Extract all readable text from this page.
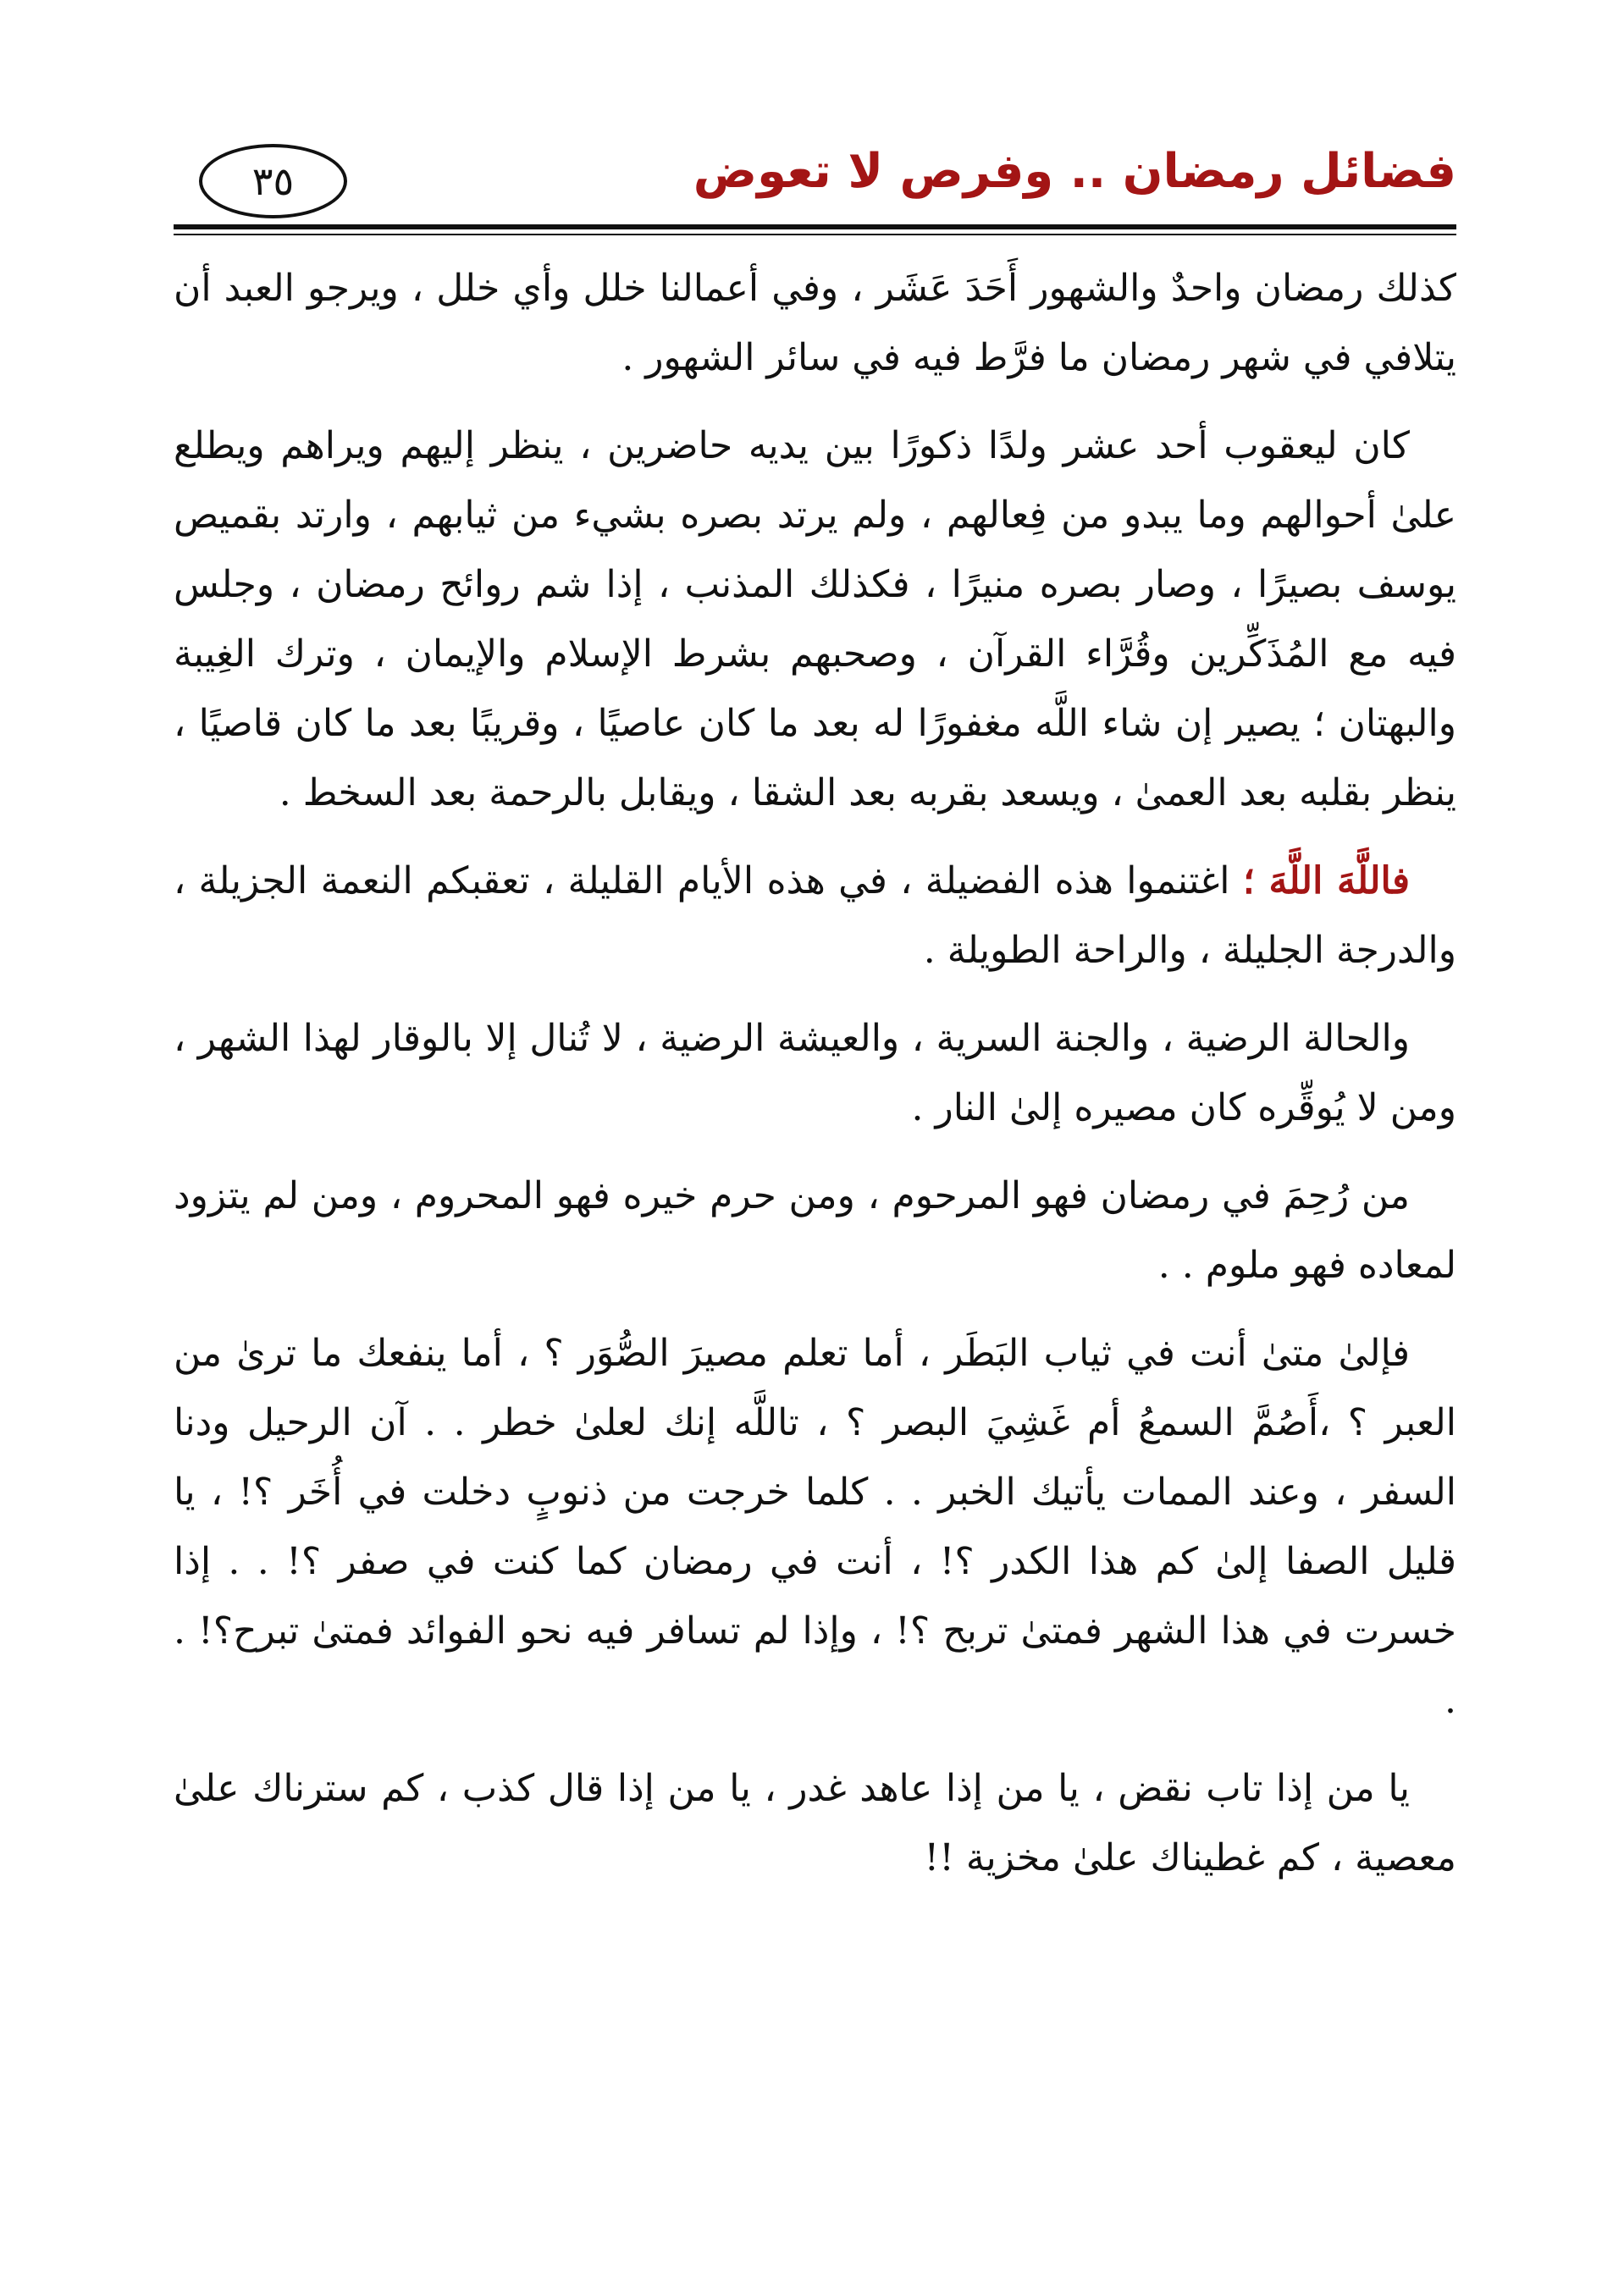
٣٥	فضائل رمضان .. وفرص لا تعوض

كذلك رمضان واحدٌ والشهور أَحَدَ عَشَر ، وفي أعمالنا خلل وأي خلل ، ويرجو العبد أن يتلافي في شهر رمضان ما فرَّط فيه في سائر الشهور .

كان ليعقوب أحد عشر ولدًا ذكورًا بين يديه حاضرين ، ينظر إليهم ويراهم ويطلع علىٰ أحوالهم وما يبدو من فِعالهم ، ولم يرتد بصره بشيء من ثيابهم ، وارتد بقميص يوسف بصيرًا ، وصار بصره منيرًا ، فكذلك المذنب ، إذا شم روائح رمضان ، وجلس فيه مع المُذَكِّرين وقُرَّاء القرآن ، وصحبهم بشرط الإسلام والإيمان ، وترك الغِيبة والبهتان ؛ يصير إن شاء اللَّه مغفورًا له بعد ما كان عاصيًا ، وقريبًا بعد ما كان قاصيًا ، ينظر بقلبه بعد العمىٰ ، ويسعد بقربه بعد الشقا ، ويقابل بالرحمة بعد السخط .

فاللَّهَ اللَّهَ ؛ اغتنموا هذه الفضيلة ، في هذه الأيام القليلة ، تعقبكم النعمة الجزيلة ، والدرجة الجليلة ، والراحة الطويلة .

والحالة الرضية ، والجنة السرية ، والعيشة الرضية ، لا تُنال إلا بالوقار لهذا الشهر ، ومن لا يُوقِّره كان مصيره إلىٰ النار .

من رُحِمَ في رمضان فهو المرحوم ، ومن حرم خيره فهو المحروم ، ومن لم يتزود لمعاده فهو ملوم . .

فإلىٰ متىٰ أنت في ثياب البَطَر ، أما تعلم مصيرَ الصُّوَر ؟ ، أما ينفعك ما ترىٰ من العبر ؟ ،أَصُمَّ السمعُ أم غَشِيَ البصر ؟ ، تاللَّه إنك لعلىٰ خطر . . آن الرحيل ودنا السفر ، وعند الممات يأتيك الخبر . . كلما خرجت من ذنوبٍ دخلت في أُخَر ؟! ، يا قليل الصفا إلىٰ كم هذا الكدر ؟! ، أنت في رمضان كما كنت في صفر ؟! . . إذا خسرت في هذا الشهر فمتىٰ تربح ؟! ، وإذا لم تسافر فيه نحو الفوائد فمتىٰ تبرح؟! . .

يا من إذا تاب نقض ، يا من إذا عاهد غدر ، يا من إذا قال كذب ، كم سترناك علىٰ معصية ، كم غطيناك علىٰ مخزية !!
